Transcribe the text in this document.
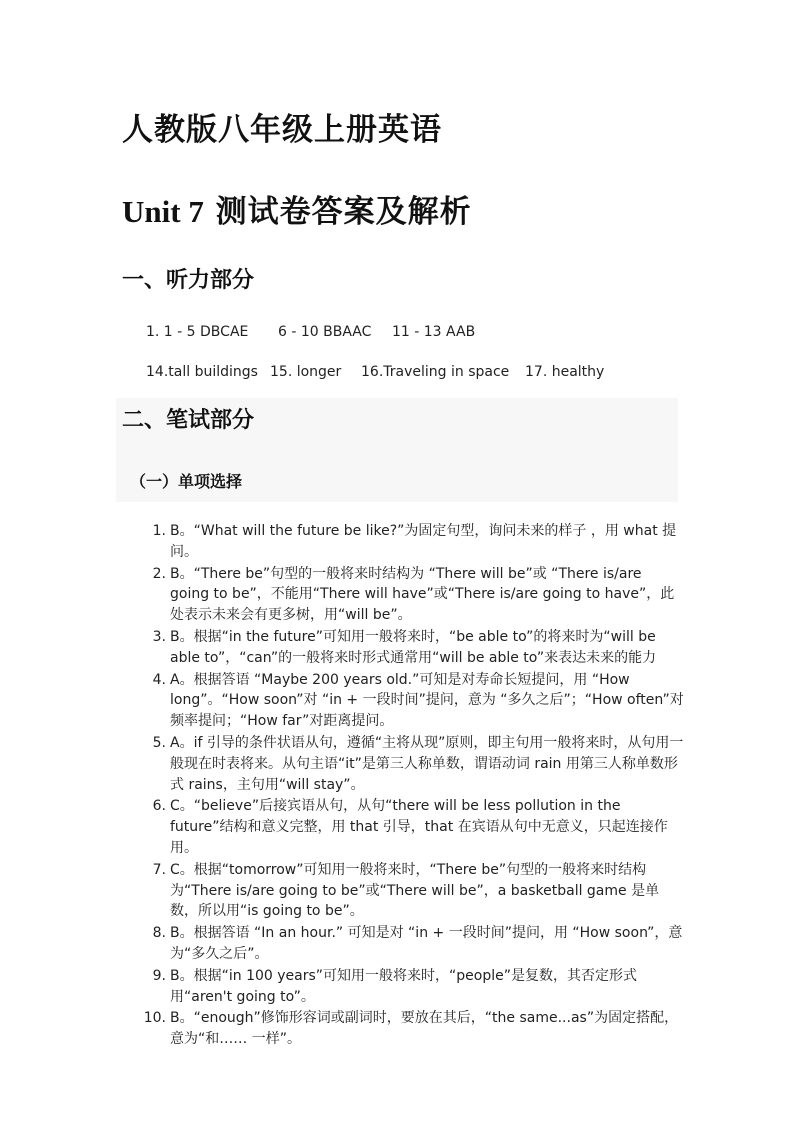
人教版八年级上册英语
Unit 7 测试卷答案及解析
一、听力部分
1. 1 - 5 DBCAE 6 - 10 BBAAC 11 - 13 AAB
14.tall buildings 15. longer 16.Traveling in space 17. healthy
二、笔试部分
（一）单项选择
1. B。“What will the future be like?”为固定句型，询问未来的样子 ，用 what 提问。
2. B。“There be”句型的一般将来时结构为 “There will be”或 “There is/are going to be”，不能用“There will have”或“There is/are going to have”，此处表示未来会有更多树，用“will be”。
3. B。根据“in the future”可知用一般将来时，“be able to”的将来时为“will be able to”，“can”的一般将来时形式通常用“will be able to”来表达未来的能力
4. A。根据答语 “Maybe 200 years old.”可知是对寿命长短提问，用 “How long”。“How soon”对 “in + 一段时间”提问，意为 “多久之后”；“How often”对频率提问；“How far”对距离提问。
5. A。if 引导的条件状语从句，遵循“主将从现”原则，即主句用一般将来时，从句用一般现在时表将来。从句主语“it”是第三人称单数，谓语动词 rain 用第三人称单数形式 rains，主句用“will stay”。
6. C。“believe”后接宾语从句，从句“there will be less pollution in the future”结构和意义完整，用 that 引导，that 在宾语从句中无意义，只起连接作用。
7. C。根据“tomorrow”可知用一般将来时，“There be”句型的一般将来时结构为“There is/are going to be”或“There will be”，a basketball game 是单数，所以用“is going to be”。
8. B。根据答语 “In an hour.” 可知是对 “in + 一段时间”提问，用 “How soon”，意为“多久之后”。
9. B。根据“in 100 years”可知用一般将来时，“people”是复数，其否定形式用“aren't going to”。
10. B。“enough”修饰形容词或副词时，要放在其后，“the same...as”为固定搭配，意为“和…… 一样”。
